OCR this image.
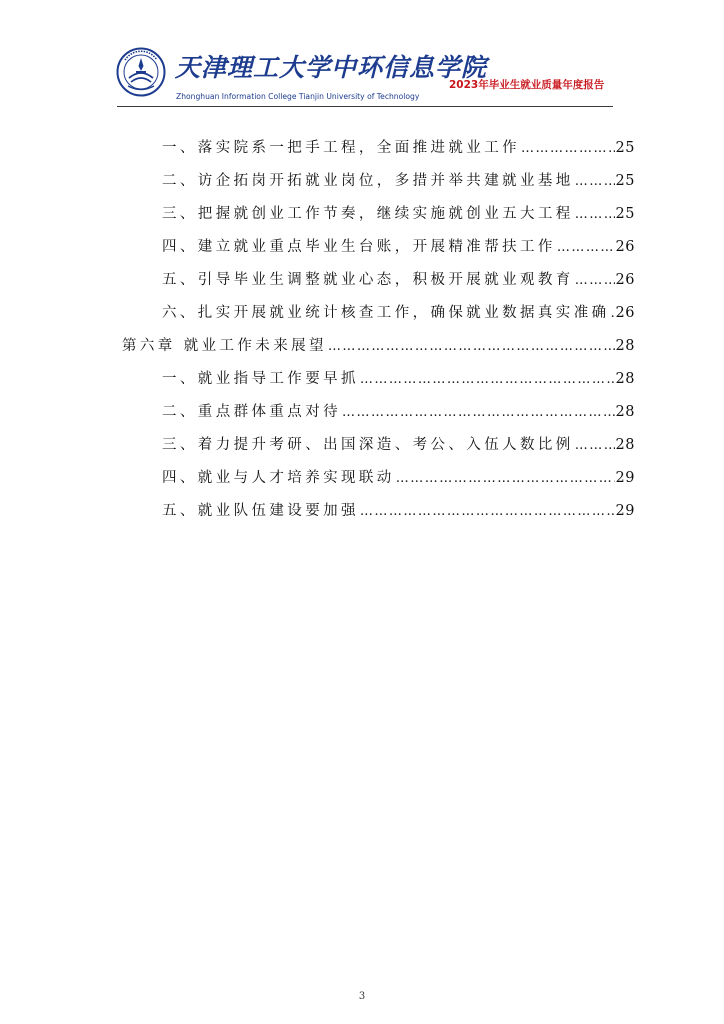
天津理工大学中环信息学院
Zhonghuan Information College Tianjin University of Technology
2023年毕业生就业质量年度报告
一、落实院系一把手工程，全面推进就业工作 …………………………………………………………………………………………………………………………………………	25
二、访企拓岗开拓就业岗位，多措并举共建就业基地 …………………………………………………………………………………………………………………………………………	25
三、把握就创业工作节奏，继续实施就创业五大工程 …………………………………………………………………………………………………………………………………………	25
四、建立就业重点毕业生台账，开展精准帮扶工作 …………………………………………………………………………………………………………………………………………	26
五、引导毕业生调整就业心态，积极开展就业观教育 …………………………………………………………………………………………………………………………………………	26
六、扎实开展就业统计核查工作，确保就业数据真实准确 ………………………………………………………………………………………………………………………………………… 26
第六章 就业工作未来展望 …………………………………………………………………………………………………………………………………………	28
一、就业指导工作要早抓 …………………………………………………………………………………………………………………………………………	28
二、重点群体重点对待 …………………………………………………………………………………………………………………………………………	28
三、着力提升考研、出国深造、考公、入伍人数比例 …………………………………………………………………………………………………………………………………………	28
四、就业与人才培养实现联动 …………………………………………………………………………………………………………………………………………	29
五、就业队伍建设要加强 …………………………………………………………………………………………………………………………………………	29
3
